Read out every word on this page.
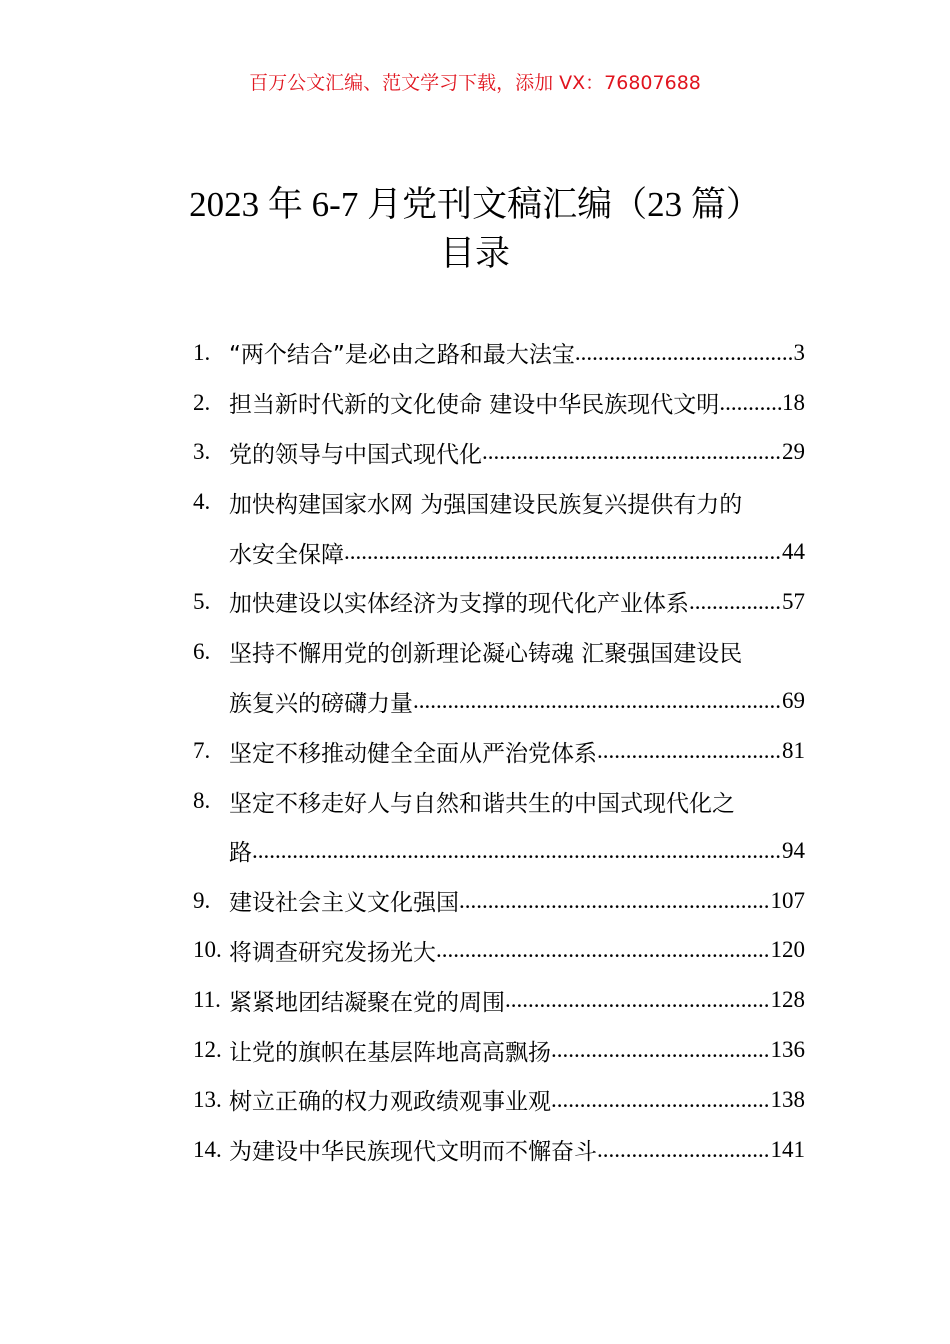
百万公文汇编、范文学习下载，添加 VX：76807688
2023 年 6-7 月党刊文稿汇编（23 篇）
目录
1. “两个结合”是必由之路和最大法宝 .....	3
2. 担当新时代新的文化使命 建设中华民族现代文明 .....	18
3. 党的领导与中国式现代化 .....	29
4. 加快构建国家水网 为强国建设民族复兴提供有力的
水安全保障 .....	44
5. 加快建设以实体经济为支撑的现代化产业体系 .....	57
6. 坚持不懈用党的创新理论凝心铸魂 汇聚强国建设民
族复兴的磅礴力量 .....	69
7. 坚定不移推动健全全面从严治党体系 .....	81
8. 坚定不移走好人与自然和谐共生的中国式现代化之
路 .....	94
9. 建设社会主义文化强国 .....	107
10. 将调查研究发扬光大 .....	120
11. 紧紧地团结凝聚在党的周围 .....	128
12. 让党的旗帜在基层阵地高高飘扬 .....	136
13. 树立正确的权力观政绩观事业观 .....	138
14. 为建设中华民族现代文明而不懈奋斗 .....	141
